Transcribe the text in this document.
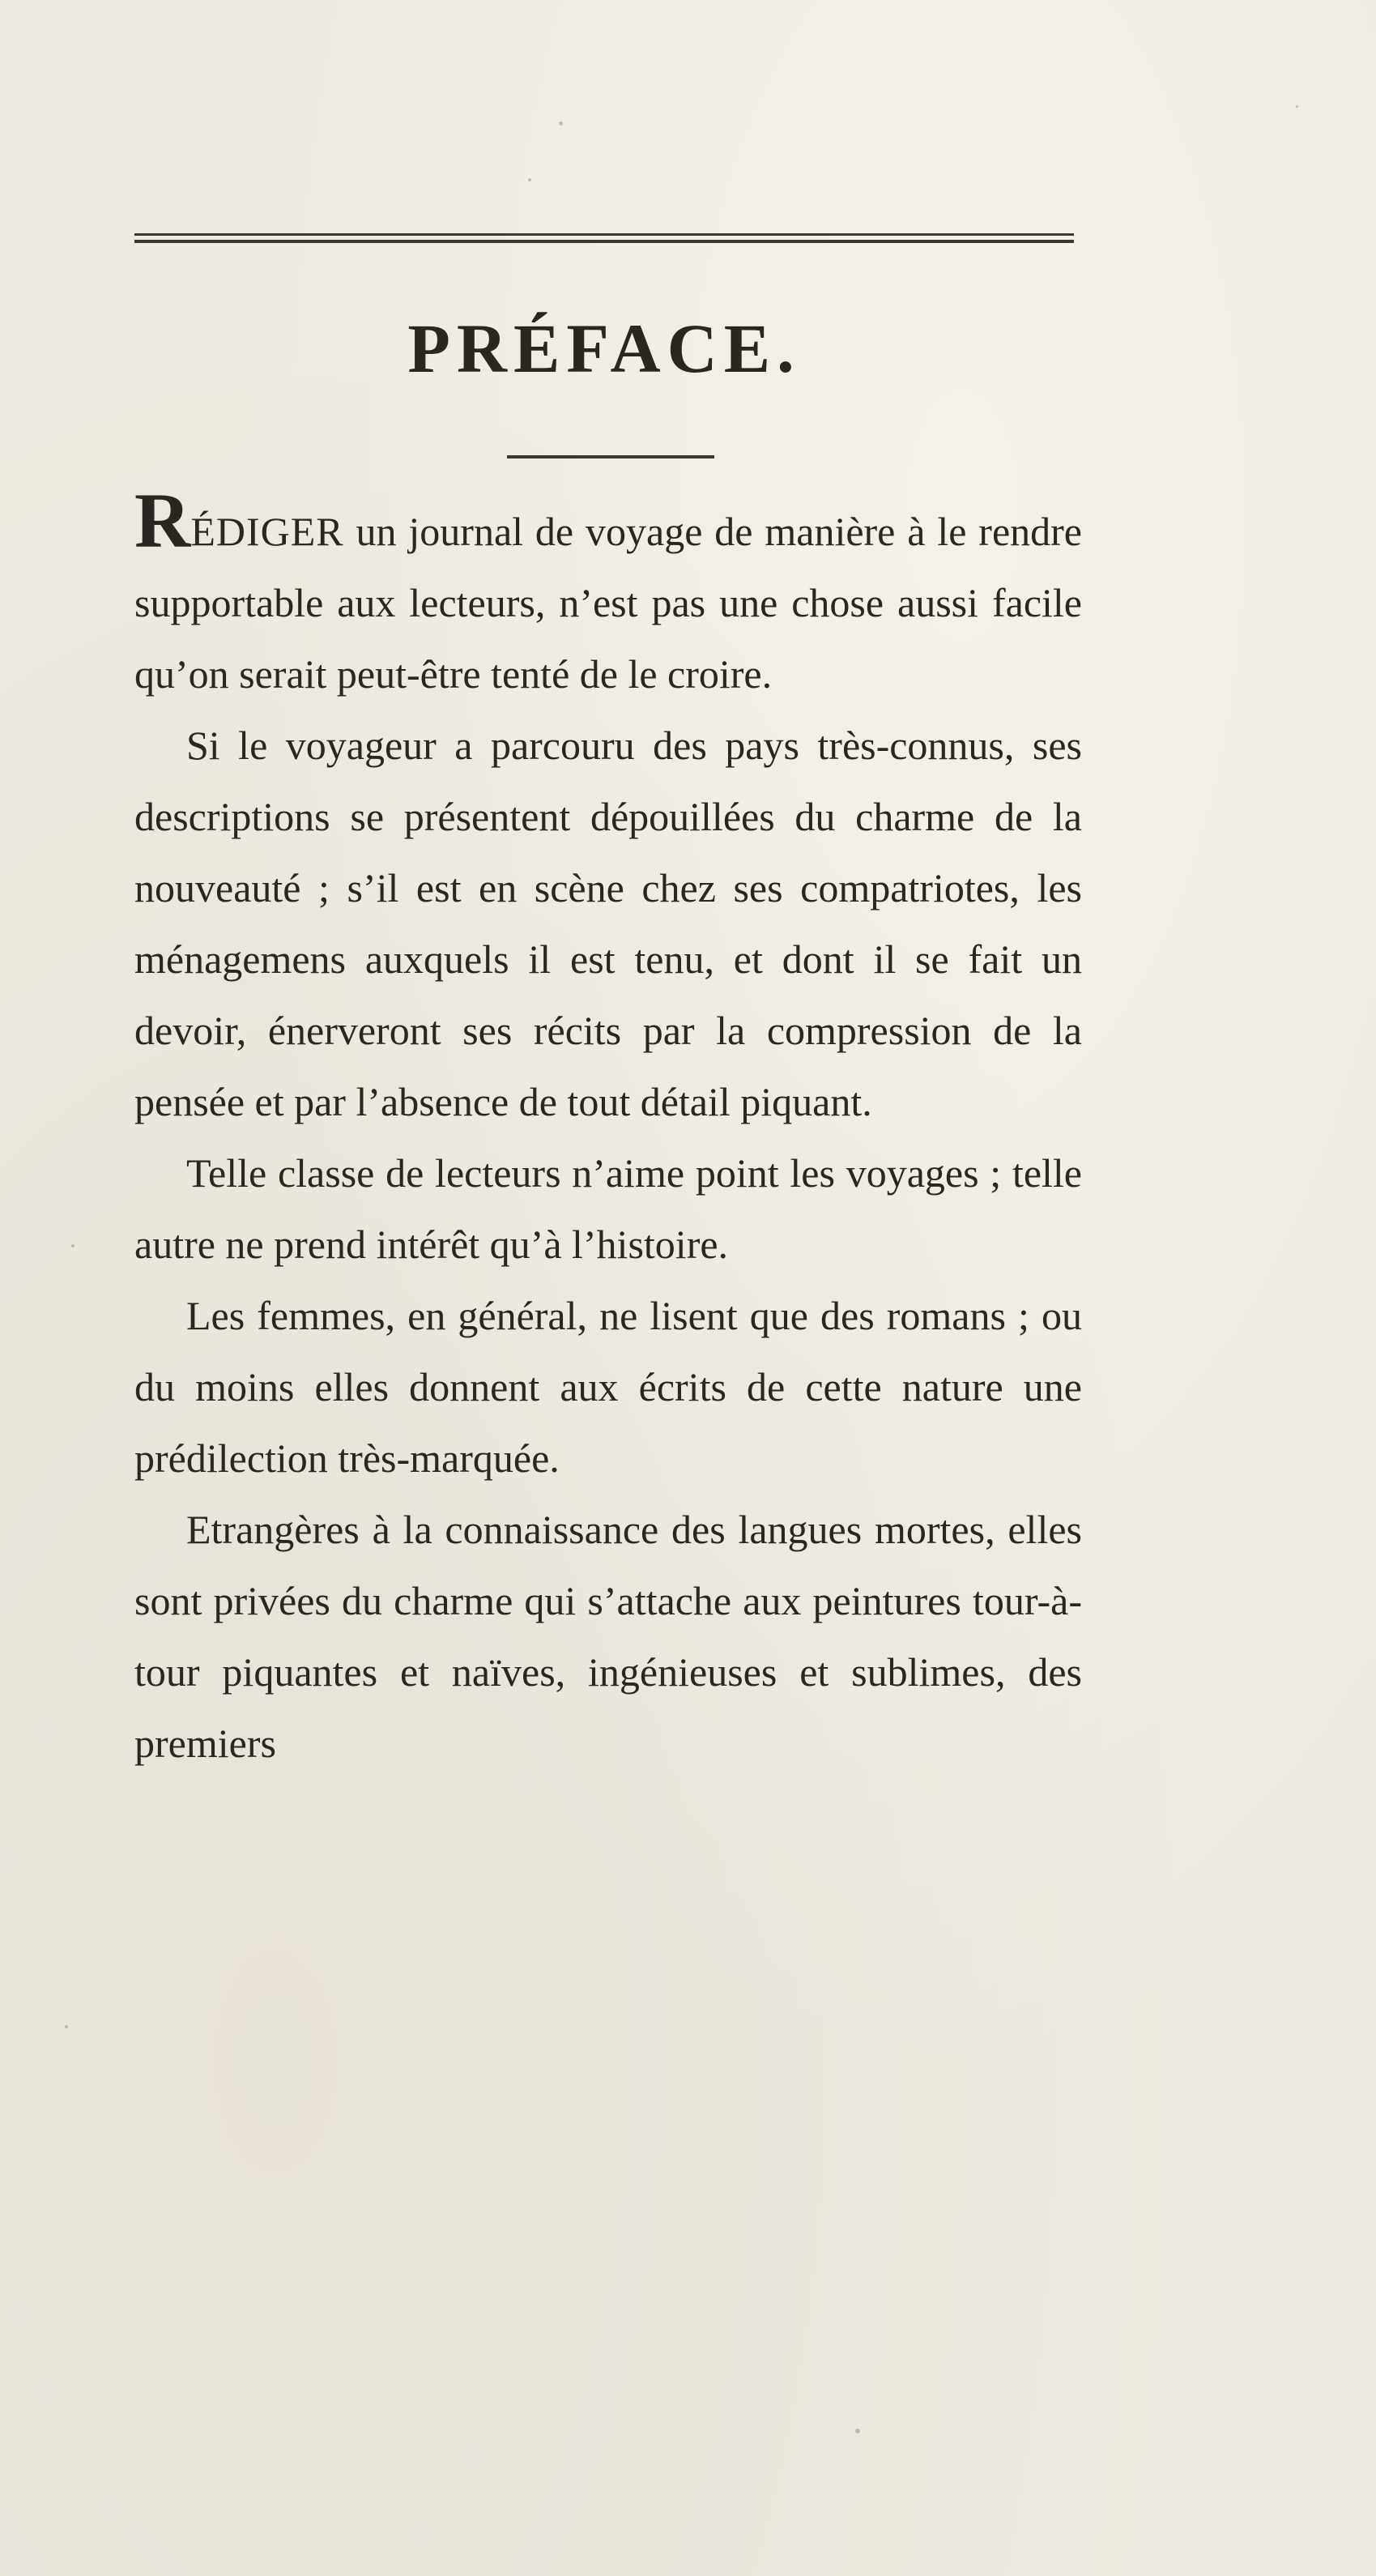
PRÉFACE.

RÉDIGER un journal de voyage de manière à le rendre supportable aux lecteurs, n’est pas une chose aussi facile qu’on serait peut-être tenté de le croire.

Si le voyageur a parcouru des pays très-connus, ses descriptions se présentent dépouillées du charme de la nouveauté ; s’il est en scène chez ses compatriotes, les ménagemens auxquels il est tenu, et dont il se fait un devoir, énerveront ses récits par la compression de la pensée et par l’absence de tout détail piquant.

Telle classe de lecteurs n’aime point les voyages ; telle autre ne prend intérêt qu’à l’histoire.

Les femmes, en général, ne lisent que des romans ; ou du moins elles donnent aux écrits de cette nature une prédilection très-marquée.

Etrangères à la connaissance des langues mortes, elles sont privées du charme qui s’attache aux peintures tour-à-tour piquantes et naïves, ingénieuses et sublimes, des premiers
